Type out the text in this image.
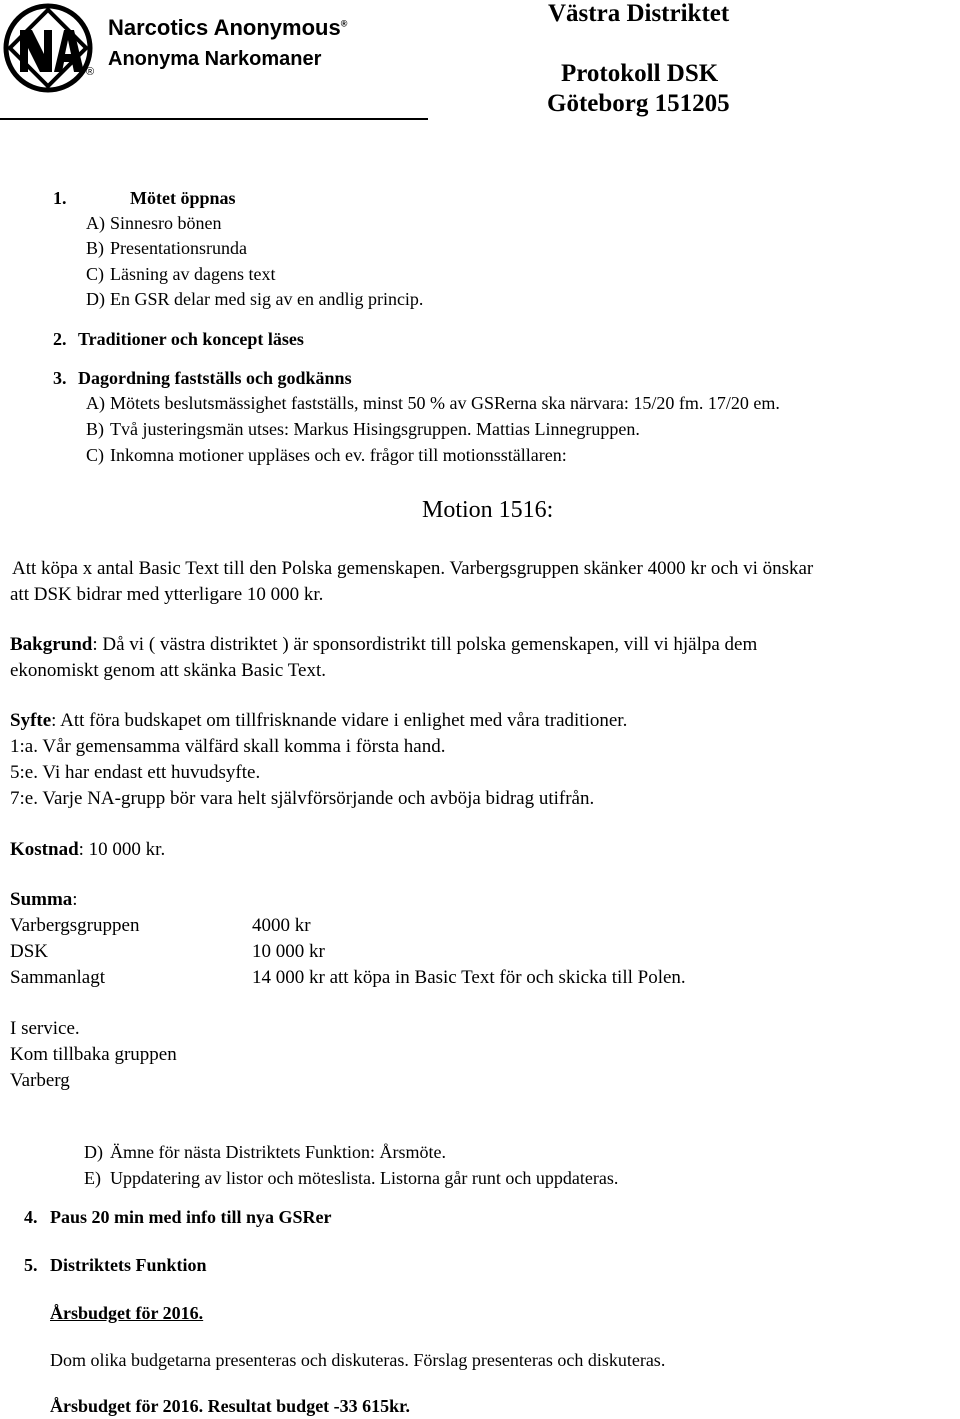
®
Narcotics Anonymous®
Anonyma Narkomaner
Västra Distriktet
Protokoll DSK
Göteborg 151205
1.	Mötet öppnas
A) Sinnesro bönen
B) Presentationsrunda
C) Läsning av dagens text
D) En GSR delar med sig av en andlig princip.
2. Traditioner och koncept läses
3. Dagordning fastställs och godkänns
A) Mötets beslutsmässighet fastställs, minst 50 % av GSRerna ska närvara: 15/20 fm. 17/20 em.
B) Två justeringsmän utses: Markus Hisingsgruppen. Mattias Linnegruppen.
C) Inkomna motioner uppläses och ev. frågor till motionsställaren:
Motion 1516:
Att köpa x antal Basic Text till den Polska gemenskapen. Varbergsgruppen skänker 4000 kr och vi önskar
att DSK bidrar med ytterligare 10 000 kr.
Bakgrund: Då vi ( västra distriktet ) är sponsordistrikt till polska gemenskapen, vill vi hjälpa dem
ekonomiskt genom att skänka Basic Text.
Syfte: Att föra budskapet om tillfrisknande vidare i enlighet med våra traditioner.
1:a. Vår gemensamma välfärd skall komma i första hand.
5:e. Vi har endast ett huvudsyfte.
7:e. Varje NA-grupp bör vara helt självförsörjande och avböja bidrag utifrån.
Kostnad: 10 000 kr.
Summa:
Varbergsgruppen	4000 kr
DSK	10 000 kr
Sammanlagt	14 000 kr att köpa in Basic Text för och skicka till Polen.
I service.
Kom tillbaka gruppen
Varberg
D) Ämne för nästa Distriktets Funktion: Årsmöte.
E) Uppdatering av listor och möteslista. Listorna går runt och uppdateras.
4. Paus 20 min med info till nya GSRer
5. Distriktets Funktion
Årsbudget för 2016.
Dom olika budgetarna presenteras och diskuteras. Förslag presenteras och diskuteras.
Årsbudget för 2016. Resultat budget -33 615kr.
